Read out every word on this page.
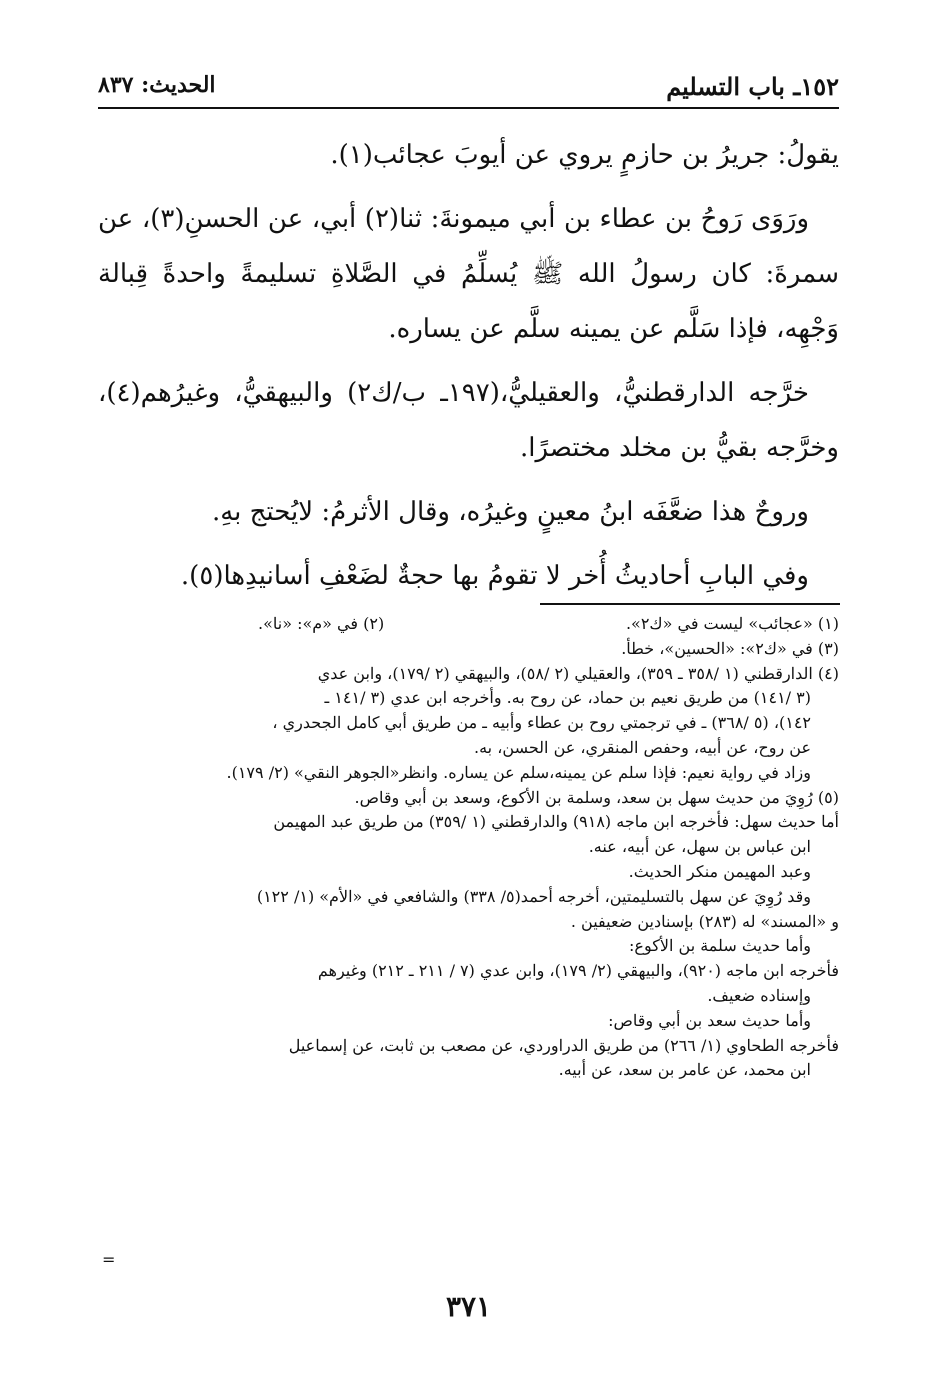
١٥٢ـ باب التسليم
الحديث: ٨٣٧

يقولُ: جريرُ بن حازمٍ يروي عن أيوبَ عجائب(١).

ورَوَى رَوحُ بن عطاء بن أبي ميمونةَ: ثنا(٢) أبي، عن الحسنِ(٣)، عن سمرةَ: كان رسولُ الله ﷺ يُسلِّمُ في الصَّلاةِ تسليمةً واحدةً قِبالة وَجْهِه، فإذا سَلَّم عن يمينه سلَّم عن يساره.

خرَّجه الدارقطنيُّ، والعقيليُّ،(١٩٧ـ ب/ك٢) والبيهقيُّ، وغيرُهم(٤)، وخرَّجه بقيُّ بن مخلد مختصرًا.

وروحٌ هذا ضعَّفَه ابنُ معينٍ وغيرُه، وقال الأثرمُ: لايُحتج بهِ.

وفي البابِ أحاديثُ أُخر لا تقومُ بها حجةٌ لضَعْفِ أسانيدِها(٥).

(١) «عجائب» ليست في «ك٢».

(٢) في «م»: «نا».

(٣) في «ك٢»: «الحسين»، خطأ.

(٤) الدارقطني (١ /٣٥٨ ـ ٣٥٩)، والعقيلي (٢ /٥٨)، والبيهقي (٢ /١٧٩)، وابن عدي

(٣ /١٤١) من طريق نعيم بن حماد، عن روح به. وأخرجه ابن عدي (٣ /١٤١ ـ

١٤٢)، (٥ /٣٦٨) ـ في ترجمتي روح بن عطاء وأبيه ـ من طريق أبي كامل الجحدري ،

عن روح، عن أبيه، وحفص المنقري، عن الحسن، به.

وزاد في رواية نعيم: فإذا سلم عن يمينه،سلم عن يساره. وانظر«الجوهر النقي» (٢/ ١٧٩).

(٥) رُوِيَ من حديث سهل بن سعد، وسلمة بن الأكوع، وسعد بن أبي وقاص.

أما حديث سهل: فأخرجه ابن ماجه (٩١٨) والدارقطني (١ /٣٥٩) من طريق عبد المهيمن

ابن عباس بن سهل، عن أبيه، عنه.

وعبد المهيمن منكر الحديث.

وقد رُوِيَ عن سهل بالتسليمتين، أخرجه أحمد(٥/ ٣٣٨) والشافعي في «الأم» (١/ ١٢٢)

و «المسند» له (٢٨٣) بإسنادين ضعيفين .

وأما حديث سلمة بن الأكوع:

فأخرجه ابن ماجه (٩٢٠)، والبيهقي (٢/ ١٧٩)، وابن عدي (٧ / ٢١١ ـ ٢١٢) وغيرهم

وإسناده ضعيف.

وأما حديث سعد بن أبي وقاص:

فأخرجه الطحاوي (١/ ٢٦٦) من طريق الدراوردي، عن مصعب بن ثابت، عن إسماعيل

ابن محمد، عن عامر بن سعد، عن أبيه.

=
٣٧١
